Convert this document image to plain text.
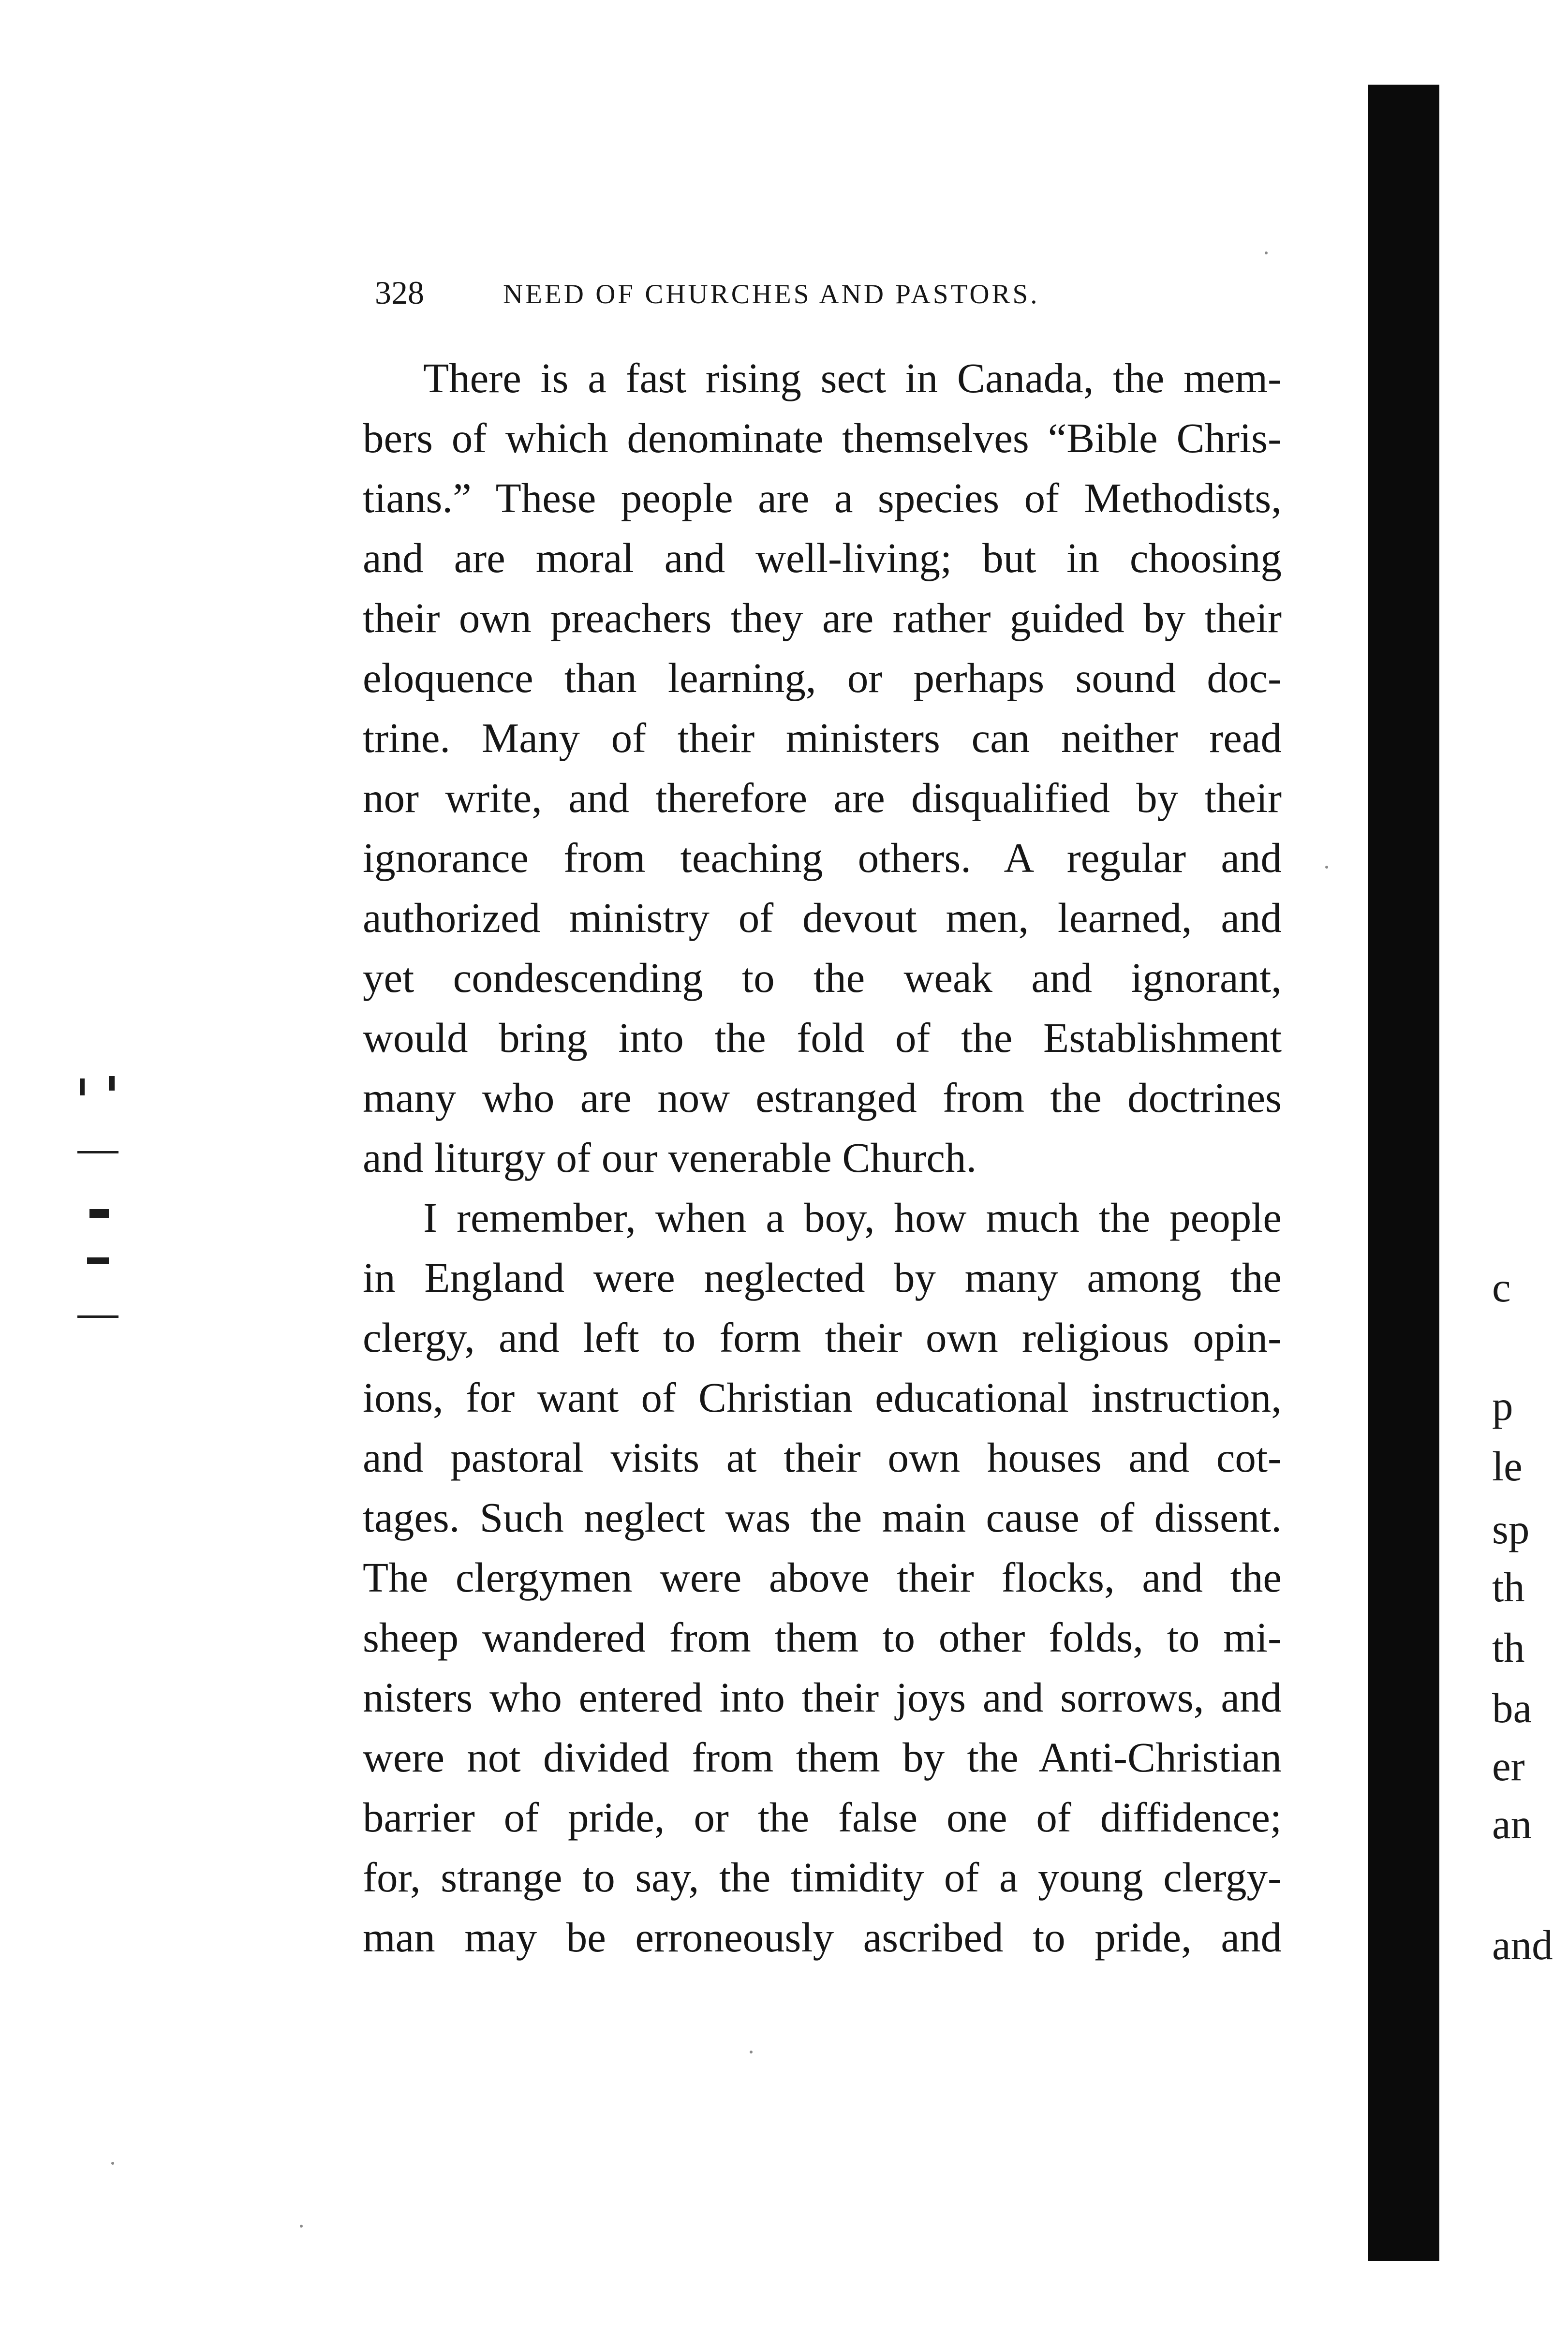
328	NEED OF CHURCHES AND PASTORS.
There is a fast rising sect in Canada, the mem-
bers of which denominate themselves “Bible Chris-
tians.” These people are a species of Methodists,
and are moral and well-living; but in choosing
their own preachers they are rather guided by their
eloquence than learning, or perhaps sound doc-
trine. Many of their ministers can neither read
nor write, and therefore are disqualified by their
ignorance from teaching others. A regular and
authorized ministry of devout men, learned, and
yet condescending to the weak and ignorant,
would bring into the fold of the Establishment
many who are now estranged from the doctrines
and liturgy of our venerable Church.
I remember, when a boy, how much the people
in England were neglected by many among the
clergy, and left to form their own religious opin-
ions, for want of Christian educational instruction,
and pastoral visits at their own houses and cot-
tages. Such neglect was the main cause of dissent.
The clergymen were above their flocks, and the
sheep wandered from them to other folds, to mi-
nisters who entered into their joys and sorrows, and
were not divided from them by the Anti-Christian
barrier of pride, or the false one of diffidence;
for, strange to say, the timidity of a young clergy-
man may be erroneously ascribed to pride, and
c
p
le
sp
th
th
ba
er
an
and
